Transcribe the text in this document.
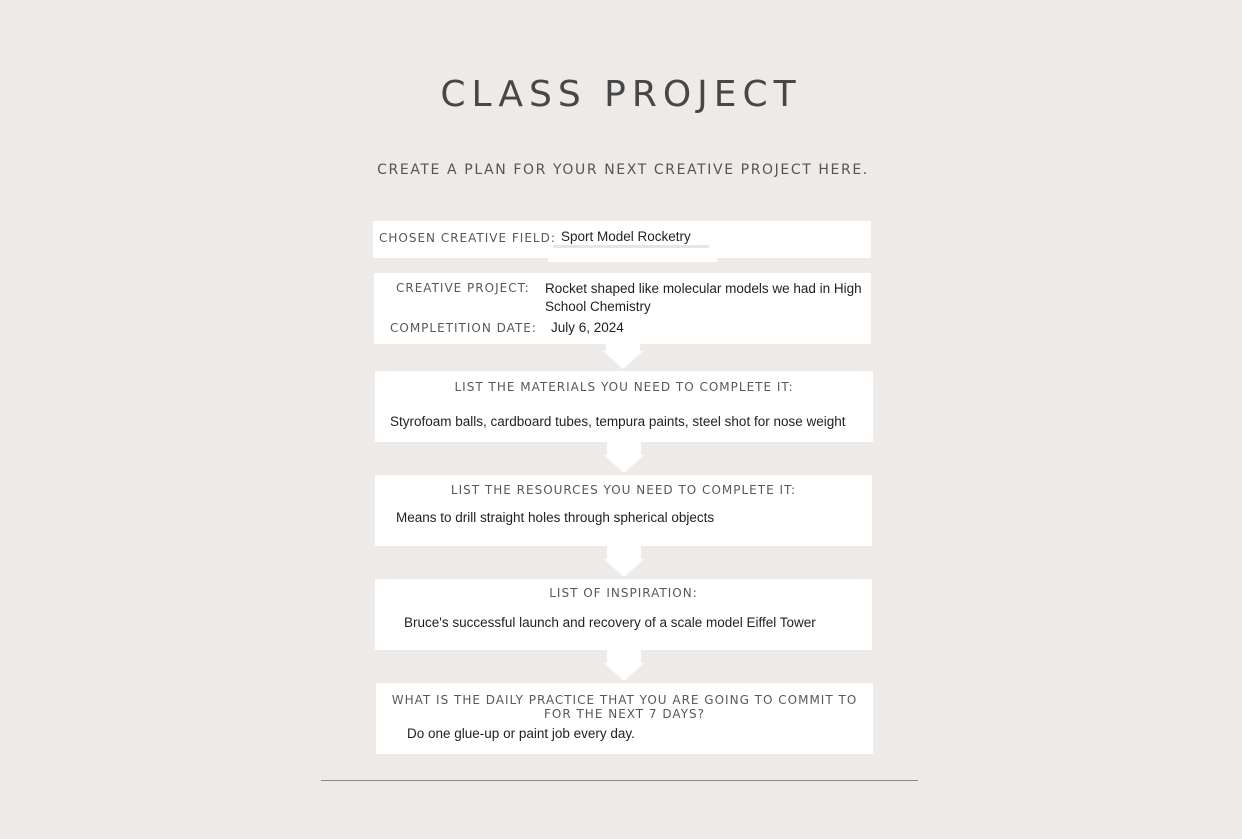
CLASS PROJECT
CREATE A PLAN FOR YOUR NEXT CREATIVE PROJECT HERE.
CHOSEN CREATIVE FIELD: Sport Model Rocketry
CREATIVE PROJECT: Rocket shaped like molecular models we had in High
School Chemistry
COMPLETITION DATE: July 6, 2024
LIST THE MATERIALS YOU NEED TO COMPLETE IT:
Styrofoam balls, cardboard tubes, tempura paints, steel shot for nose weight
LIST THE RESOURCES YOU NEED TO COMPLETE IT:
Means to drill straight holes through spherical objects
LIST OF INSPIRATION:
Bruce's successful launch and recovery of a scale model Eiffel Tower
WHAT IS THE DAILY PRACTICE THAT YOU ARE GOING TO COMMIT TO
FOR THE NEXT 7 DAYS?
Do one glue-up or paint job every day.
